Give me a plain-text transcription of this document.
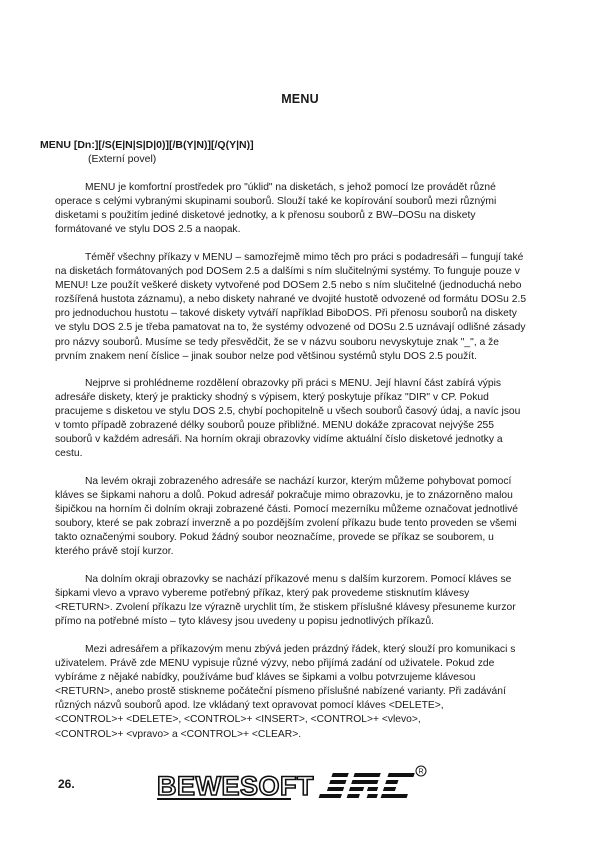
MENU
MENU [Dn:][/S(E|N|S|D|0)][/B(Y|N)][/Q(Y|N)]
(Externí povel)

MENU je komfortní prostředek pro "úklid" na disketách, s jehož pomocí lze provádět různé

operace s celými vybranými skupinami souborů. Slouží také ke kopírování souborů mezi různými

disketami s použitím jediné disketové jednotky, a k přenosu souborů z BW–DOSu na diskety

formátované ve stylu DOS 2.5 a naopak.

Téměř všechny příkazy v MENU – samozřejmě mimo těch pro práci s podadresáři – fungují také

na disketách formátovaných pod DOSem 2.5 a dalšími s ním slučitelnými systémy. To funguje pouze v

MENU! Lze použít veškeré diskety vytvořené pod DOSem 2.5 nebo s ním slučitelné (jednoduchá nebo

rozšířená hustota záznamu), a nebo diskety nahrané ve dvojité hustotě odvozené od formátu DOSu 2.5

pro jednoduchou hustotu – takové diskety vytváří například BiboDOS. Při přenosu souborů na diskety

ve stylu DOS 2.5 je třeba pamatovat na to, že systémy odvozené od DOSu 2.5 uznávají odlišné zásady

pro názvy souborů. Musíme se tedy přesvědčit, že se v názvu souboru nevyskytuje znak "_", a že

prvním znakem není číslice – jinak soubor nelze pod většinou systémů stylu DOS 2.5 použít.

Nejprve si prohlédneme rozdělení obrazovky při práci s MENU. Její hlavní část zabírá výpis

adresáře diskety, který je prakticky shodný s výpisem, který poskytuje příkaz "DIR" v CP. Pokud

pracujeme s disketou ve stylu DOS 2.5, chybí pochopitelně u všech souborů časový údaj, a navíc jsou

v tomto případě zobrazené délky souborů pouze přibližné. MENU dokáže zpracovat nejvýše 255

souborů v každém adresáři. Na horním okraji obrazovky vidíme aktuální číslo disketové jednotky a

cestu.

Na levém okraji zobrazeného adresáře se nachází kurzor, kterým můžeme pohybovat pomocí

kláves se šipkami nahoru a dolů. Pokud adresář pokračuje mimo obrazovku, je to znázorněno malou

šipičkou na horním či dolním okraji zobrazené části. Pomocí mezerníku můžeme označovat jednotlivé

soubory, které se pak zobrazí inverzně a po pozdějším zvolení příkazu bude tento proveden se všemi

takto označenými soubory. Pokud žádný soubor neoznačíme, provede se příkaz se souborem, u

kterého právě stojí kurzor.

Na dolním okraji obrazovky se nachází příkazové menu s dalším kurzorem. Pomocí kláves se

šipkami vlevo a vpravo vybereme potřebný příkaz, který pak provedeme stisknutím klávesy

<RETURN>. Zvolení příkazu lze výrazně urychlit tím, že stiskem příslušné klávesy přesuneme kurzor

přímo na potřebné místo – tyto klávesy jsou uvedeny u popisu jednotlivých příkazů.

Mezi adresářem a příkazovým menu zbývá jeden prázdný řádek, který slouží pro komunikaci s

uživatelem. Právě zde MENU vypisuje různé výzvy, nebo přijímá zadání od uživatele. Pokud zde

vybíráme z nějaké nabídky, používáme buď kláves se šipkami a volbu potvrzujeme klávesou

<RETURN>, anebo prostě stiskneme počáteční písmeno příslušné nabízené varianty. Při zadávání

různých názvů souborů apod. lze vkládaný text opravovat pomocí kláves <DELETE>,

<CONTROL>+ <DELETE>, <CONTROL>+ <INSERT>, <CONTROL>+ <vlevo>,

<CONTROL>+ <vpravo> a <CONTROL>+ <CLEAR>.

26.	BEWESOFT	R
